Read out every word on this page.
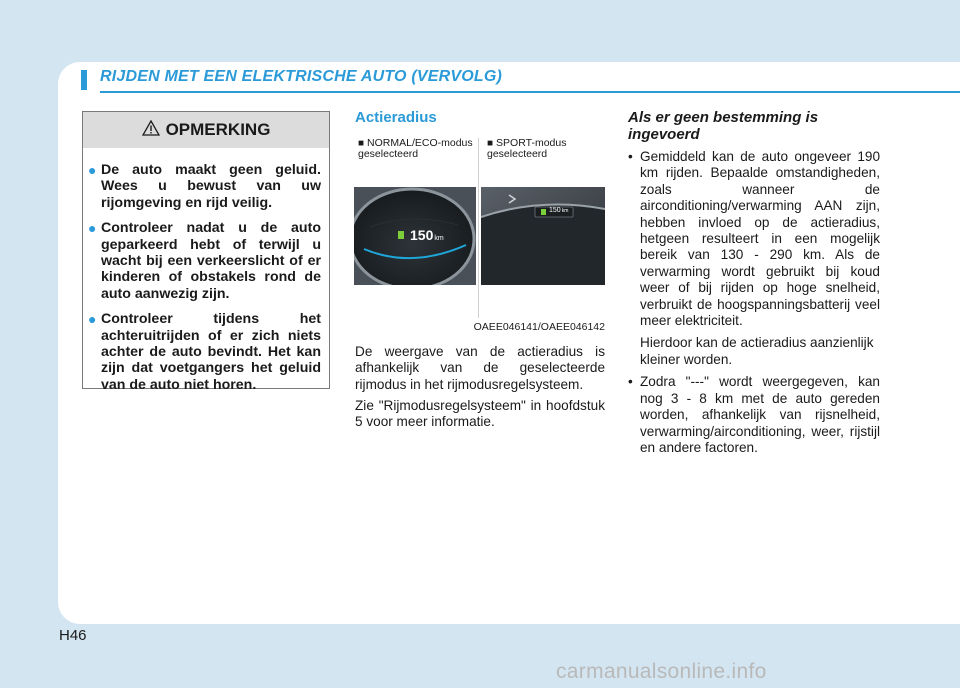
RIJDEN MET EEN ELEKTRISCHE AUTO (VERVOLG)
OPMERKING
● De auto maakt geen geluid. Wees u bewust van uw rijomgeving en rijd veilig.
● Controleer nadat u de auto geparkeerd hebt of terwijl u wacht bij een verkeerslicht of er kinderen of obstakels rond de auto aanwezig zijn.
● Controleer tijdens het achteruitrijden of er zich niets achter de auto bevindt. Het kan zijn dat voetgangers het geluid van de auto niet horen.
Actieradius
■ NORMAL/ECO-modus geselecteerd
■ SPORT-modus geselecteerd
150km
150km
OAEE046141/OAEE046142
De weergave van de actieradius is afhankelijk van de geselecteerde rijmodus in het rijmodusregelsysteem.
Zie "Rijmodusregelsysteem" in hoofdstuk 5 voor meer informatie.
Als er geen bestemming is ingevoerd
• Gemiddeld kan de auto ongeveer 190 km rijden. Bepaalde omstandigheden, zoals wanneer de airconditioning/verwarming AAN zijn, hebben invloed op de actieradius, hetgeen resulteert in een mogelijk bereik van 130 - 290 km. Als de verwarming wordt gebruikt bij koud weer of bij rijden op hoge snelheid, verbruikt de hoogspanningsbatterij veel meer elektriciteit.

Hierdoor kan de actieradius aanzienlijk kleiner worden.

• Zodra "---" wordt weergegeven, kan nog 3 - 8 km met de auto gereden worden, afhankelijk van rijsnelheid, verwarming/airconditioning, weer, rijstijl en andere factoren.

H46
carmanualsonline.info
